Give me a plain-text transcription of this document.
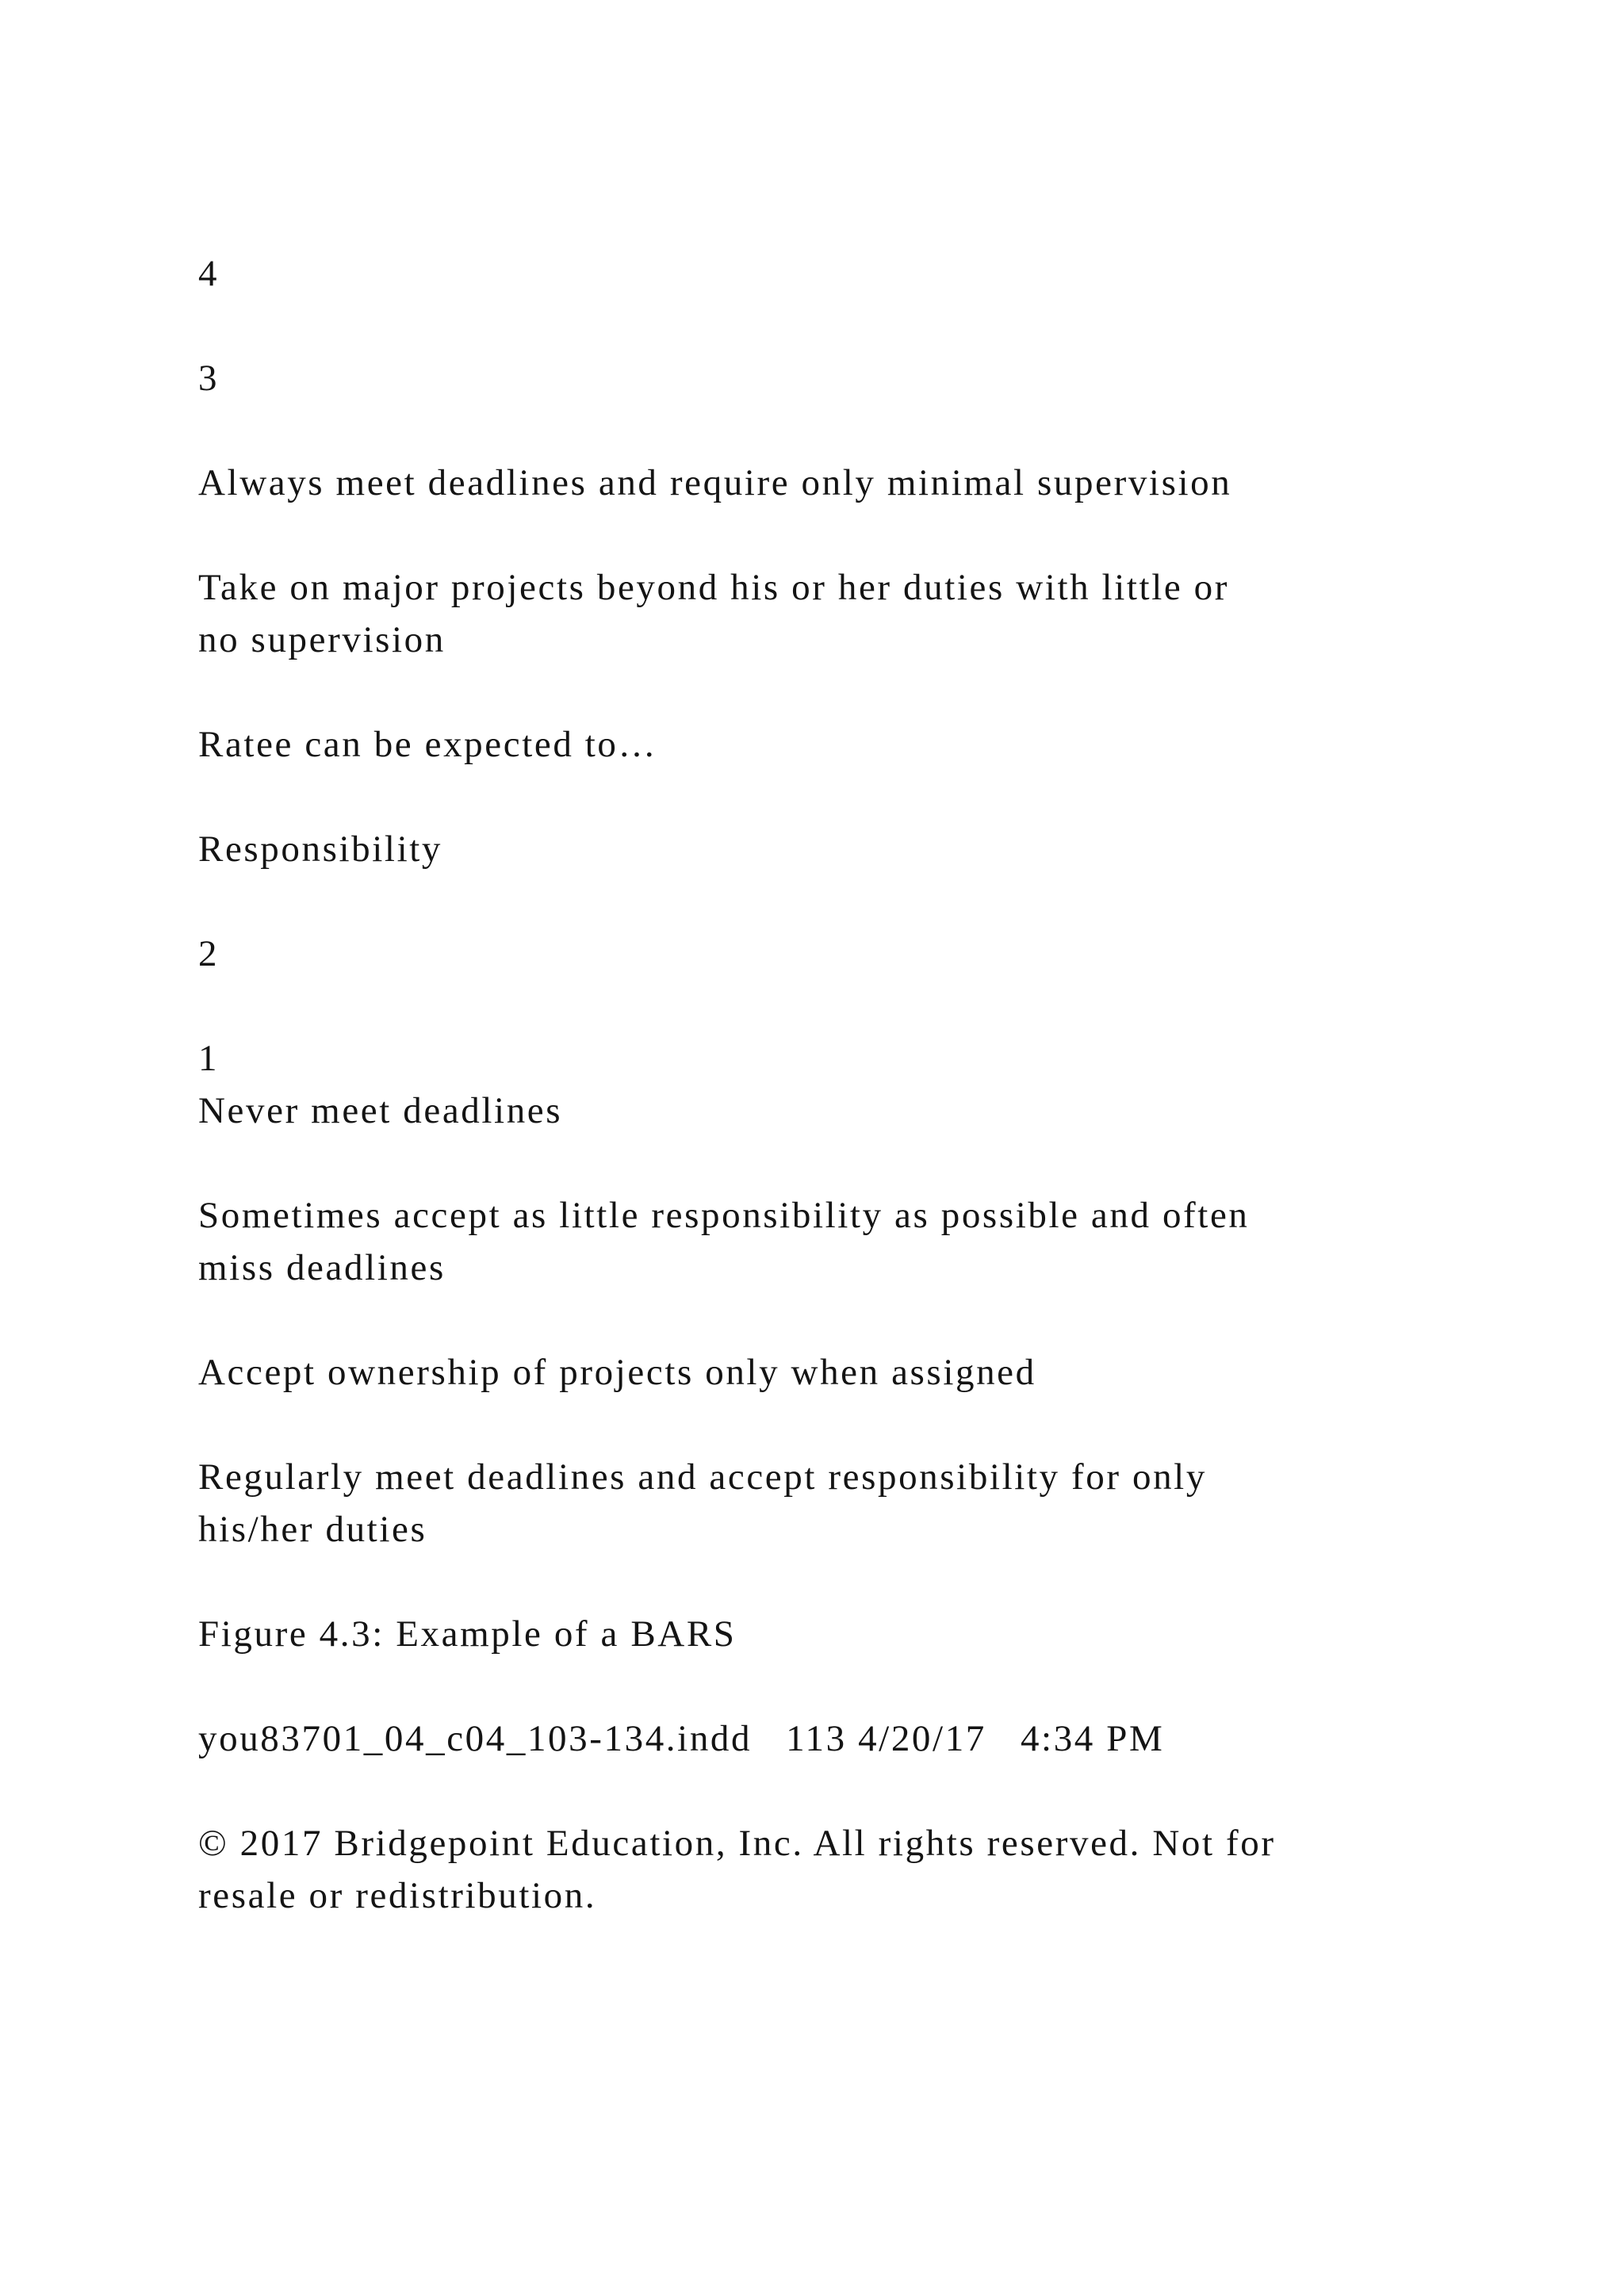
4

3

Always meet deadlines and require only minimal supervision

Take on major projects beyond his or her duties with little or
no supervision

Ratee can be expected to…

Responsibility

2

1

Never meet deadlines

Sometimes accept as little responsibility as possible and often
miss deadlines

Accept ownership of projects only when assigned

Regularly meet deadlines and accept responsibility for only
his/her duties

Figure 4.3: Example of a BARS

you83701_04_c04_103-134.indd   113 4/20/17   4:34 PM

© 2017 Bridgepoint Education, Inc. All rights reserved. Not for
resale or redistribution.
